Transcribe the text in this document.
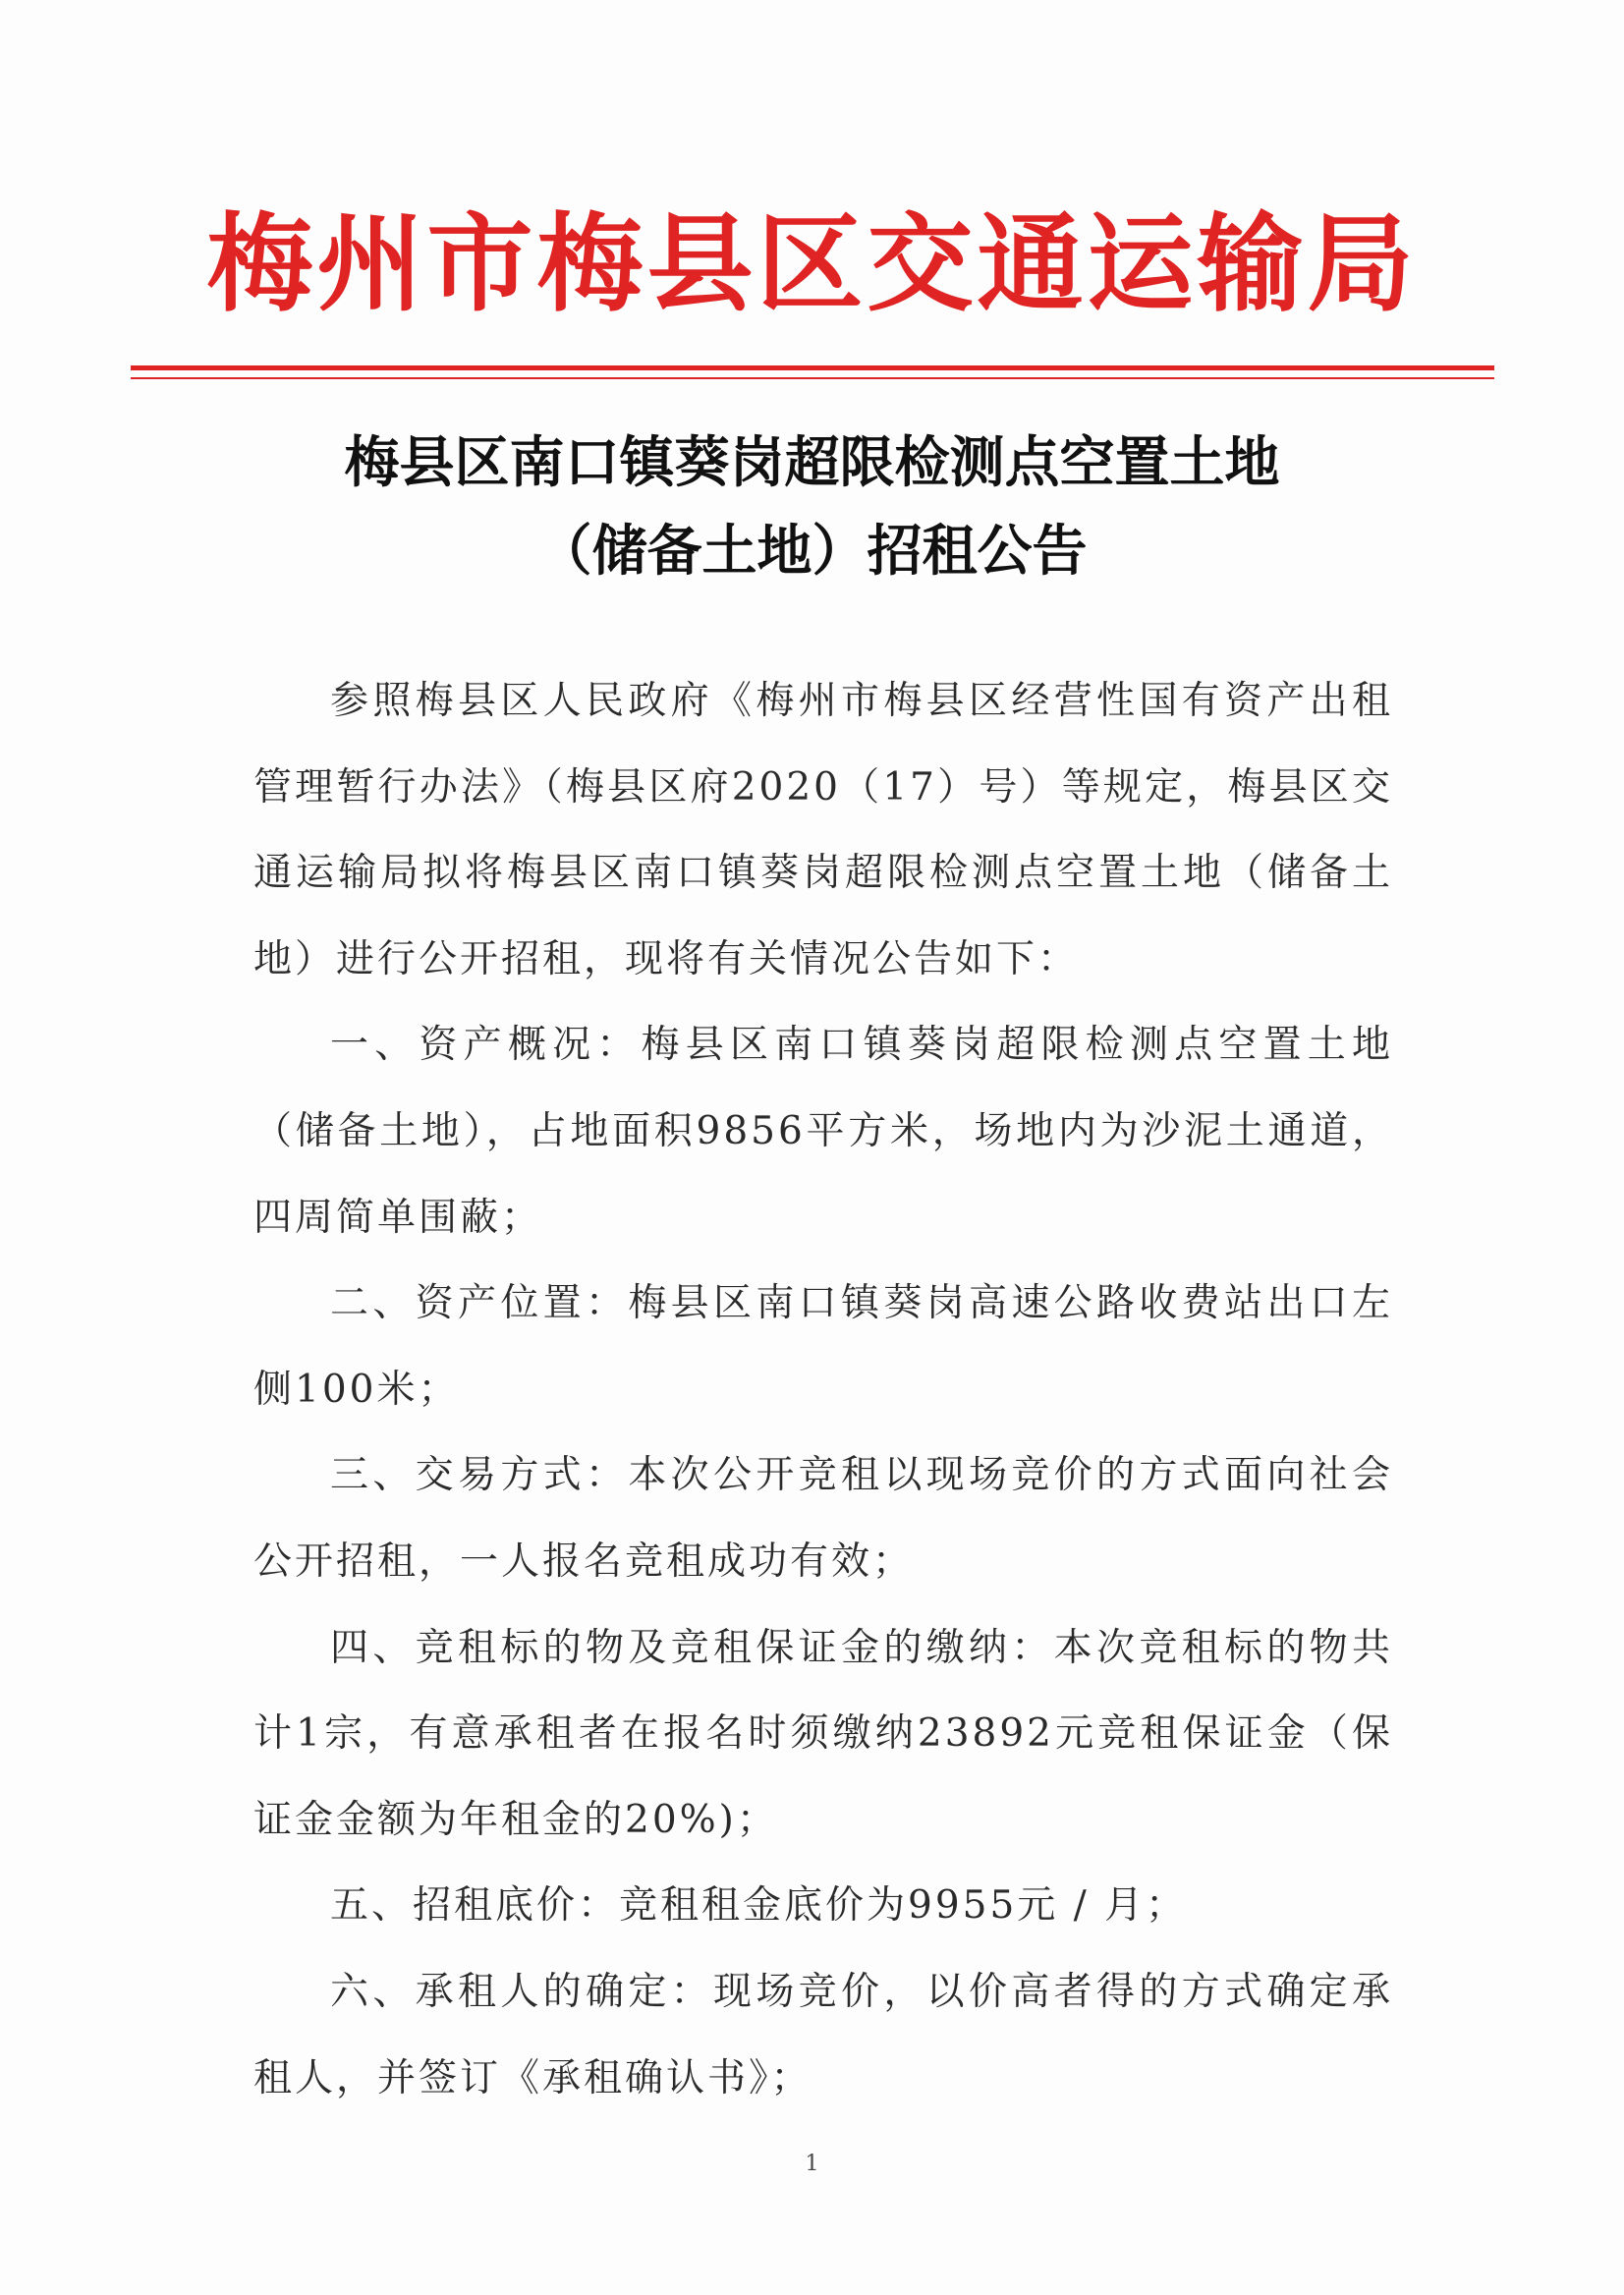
梅州市梅县区交通运输局
梅县区南口镇葵岗超限检测点空置土地
（储备土地）招租公告

参照梅县区人民政府《梅州市梅县区经营性国有资产出租管理暂行办法》（梅县区府2020（17）号）等规定，梅县区交通运输局拟将梅县区南口镇葵岗超限检测点空置土地（储备土地）进行公开招租，现将有关情况公告如下：

一、资产概况：梅县区南口镇葵岗超限检测点空置土地（储备土地），占地面积9856平方米，场地内为沙泥土通道，四周简单围蔽；

二、资产位置：梅县区南口镇葵岗高速公路收费站出口左侧100米；

三、交易方式：本次公开竞租以现场竞价的方式面向社会公开招租，一人报名竞租成功有效；

四、竞租标的物及竞租保证金的缴纳：本次竞租标的物共计1宗，有意承租者在报名时须缴纳23892元竞租保证金（保证金金额为年租金的20%)；

五、招租底价：竞租租金底价为9955元 / 月；

六、承租人的确定：现场竞价，以价高者得的方式确定承租人，并签订《承租确认书》；

1
